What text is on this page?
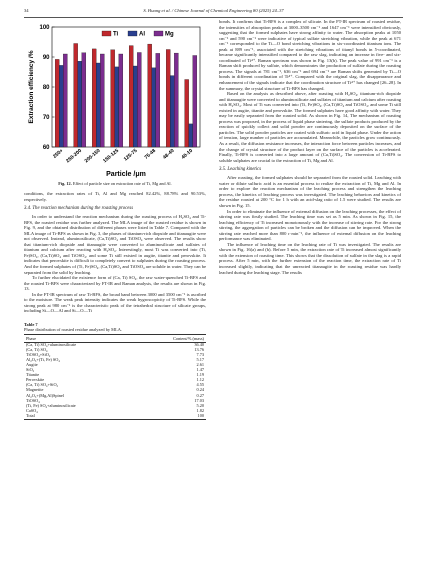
34	S. Huang et al. / Chinese Journal of Chemical Engineering 80 (2025) 24–37
60
70
80
90
100
Extraction efficiency /%
250+ 250-200 200-150 150-125 125-75 75-48 48-40 40-10
Particle /μm
Ti	Al	Mg
Fig. 12. Effect of particle size on extraction rate of Ti, Mg and Al.

conditions, the extraction rates of Ti, Al and Mg reached 82.42%, 88.78% and 90.53%, respectively.

3.4. The reaction mechanism during the roasting process

In order to understand the reaction mechanism during the roasting process of H₂SO₄ and Ti-BFS, the roasted residue was further analyzed. The MLA image of the roasted residue is shown in Fig. 9, and the obtained distribution of different phases were listed in Table 7. Compared with the MLA image of Ti-BFS as shown in Fig. 3, the phases of titanium-rich diopside and titanaugite were not observed. Instead, aluminosilicate, (Ca,Ti)SO₄ and TiOSO₄ were observed. The results show that titanium-rich diopside and titanaugite were converted to aluminosilicate and sulfates of titanium and calcium after reacting with H₂SO₄. Interestingly, most Ti was converted into (Ti, Fe)SO₄, (Ca,Ti)SO₄ and TiOSO₄, and some Ti still existed in augite, titanite and perovskite. It indicates that perovskite is difficult to completely convert to sulphates during the roasting process. And the formed sulphates of (Ti, Fe)SO₄, (Ca,Ti)SO₄ and TiOSO₄ are soluble in water. They can be separated from the solid by leaching.

To further elucidated the existence form of (Ca, Ti) SO₄, the raw water-quenched Ti-BFS and the roasted Ti-BFS were characterized by FT-IR and Raman analysis, the results are shown in Fig. 13.

In the FT-IR spectrum of raw Ti-BFS, the broad band between 3000 and 3500 cm⁻¹ is ascribed to the moisture. The weak peak intensity indicates the weak hygroscopicity of Ti-BFS. While the strong peak at 980 cm⁻¹ is the characteristic peak of the tetrahedral structure of silicate groups, including Si—O—Al and Si—O—Ti

Table 7
Phase distribution of roasted residue analyzed by MLA.
Phase	Content/% (mass)
(Ca, Ti) SO₄+aluminosilicate	36.40
(Ca, Ti) SO₄	13.76
TiOSO₄+SiO₂	7.73
Al₂O₃+(Ti, Fe) SO₄	5.17
Augite	2.61
SiO₂	1.47
Titanite	1.19
Perovskite	1.12
(Ca, Ti) SO₄+SiO₂	4.55
Magnetite	0.24
Al₂O₃+(Mg,Al)Spinel	0.27
TiOSO₄	17.03
(Ti, Fe) SO₄+aluminosilicate	5.20
CaSO₄	1.82
Total	100

bonds. It confirms that Ti-BFS is a complex of silicate. In the FT-IR spectrum of roasted residue, the intensities of absorption peaks at 3000–3500 cm⁻¹ and 1647 cm⁻¹ were intensified obviously, suggesting that the formed sulphates have strong affinity to water. The absorption peaks at 1050 cm⁻¹ and 590 cm⁻¹ were indicative of typical sulfate stretching vibration, while the peak at 671 cm⁻¹ corresponded to the Ti—O bond stretching vibrations in six-coordinated titanium ions. The peak at 889 cm⁻¹, associated with the stretching vibrations of titanyl bonds in 5-coordinated, became significantly intensified compared to the raw slag, indicating an increase in five- and six-coordinated of Ti⁴⁺. Raman spectrum was shown in Fig. 13(b). The peak value of 991 cm⁻¹ is a Raman shift produced by sulfate, which demonstrates the production of sulfate during the roasting process. The signals at 781 cm⁻¹, 636 cm⁻¹ and 694 cm⁻¹ are Raman shifts generated by Ti—O bonds in different coordination of Ti⁴⁺. Compared with the original slag, the disappearance and enhancement of the signals indicate that the coordination structure of Ti⁴⁺ has changed [26–28]. In the summary, the crystal structure of Ti-BFS has changed.

Based on the analysis as described above, after roasting with H₂SO₄, titanium-rich diopside and titanaugite were converted to aluminosilicate and sulfates of titanium and calcium after roasting with H₂SO₄. Most of Ti was converted into (Ti, Fe)SO₄, (Ca,Ti)SO₄ and TiOSO₄, and some Ti still existed in augite, titanite and perovskite. The formed sulphates have good affinity with water. They may be easily separated from the roasted solid. As shown in Fig. 14, The mechanism of roasting process was proposed, in the process of liquid phase sintering, the sulfate products produced by the reaction of quickly collect and solid powder are continuously deposited on the surface of the particles. The solid powder particles are coated with sulfuric acid in liquid phase. Under the action of tension, large number of particles are accumulated. Meanwhile, the particles grow continuously. As a result, the diffusion resistance increases, the interaction force between particles increases, and the change of crystal structure of the product layer on the surface of the particles is accelerated. Finally, Ti-BFS is converted into a large amount of (Ca,Ti)SO₄. The conversion of Ti-BFS to soluble sulphates are crucial to the extraction of Ti, Mg and Al.

3.5. Leaching kinetics

After roasting, the formed sulphates should be separated from the roasted solid. Leaching with water or dilute sulfuric acid is an essential process to realize the extraction of Ti, Mg and Al. In order to explore the reaction mechanism of the leaching process and strengthen the leaching process, the kinetics of leaching process was investigated. The leaching behaviors and kinetics of the residue roasted at 200 °C for 1 h with an acid-slag ratio of 1.5 were studied. The results are shown in Fig. 15.

In order to eliminate the influence of external diffusion on the leaching processes, the effect of stirring rate was firstly studied. The leaching time was set as 5 min. As shown in Fig. 15, the leaching efficiency of Ti increased monotonously with the increase of stirring rate. For the strong stirring, the aggregation of particles can be broken and the diffusion can be improved. When the stirring rate reached more than 800 r·min⁻¹, the influence of external diffusion on the leaching performance was eliminated.

The influence of leaching time on the leaching rate of Ti was investigated. The results are shown in Fig. 16(a) and (b). Before 5 min, the extraction rate of Ti increased almost significantly with the extension of roasting time. This shows that the dissolution of sulfate in the slag is a rapid process. After 5 min, with the further extension of the reaction time, the extraction rate of Ti increased slightly, indicating that the unreacted titanaugite in the roasting residue was hardly leached during the leaching stage. The results
